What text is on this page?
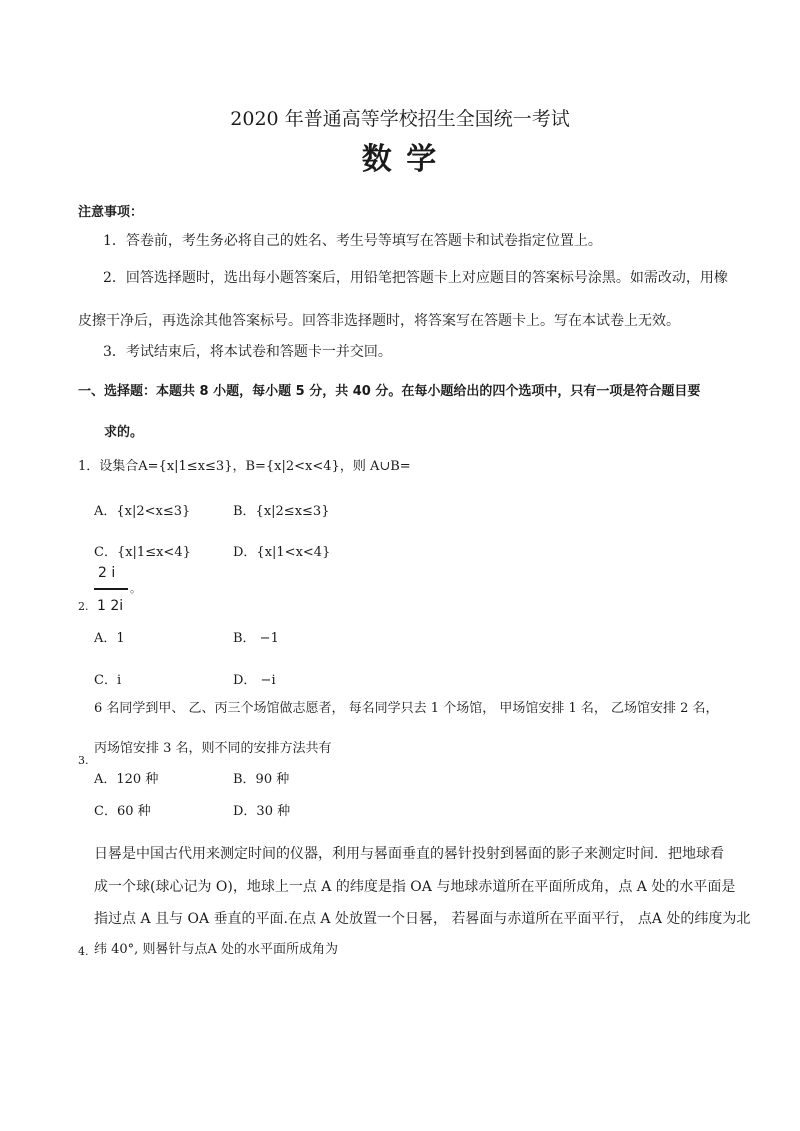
2020 年普通高等学校招生全国统一考试
数 学
注意事项：
1．答卷前，考生务必将自己的姓名、考生号等填写在答题卡和试卷指定位置上。
2．回答选择题时，选出每小题答案后，用铅笔把答题卡上对应题目的答案标号涂黑。如需改动，用橡
皮擦干净后，再选涂其他答案标号。回答非选择题时，将答案写在答题卡上。写在本试卷上无效。
3．考试结束后，将本试卷和答题卡一并交回。
一、选择题：本题共 8 小题，每小题 5 分，共 40 分。在每小题给出的四个选项中，只有一项是符合题目要
求的。
1．设集合A={x|1≤x≤3}，B={x|2<x<4}，则 A∪B=
A．{x|2<x≤3}	B．{x|2≤x≤3}
C．{x|1≤x<4}	D．{x|1<x<4}
2 i
。
2. 1 2i
A．1	B． −1
C．i	D． −i
6 名同学到甲、 乙、丙三个场馆做志愿者， 每名同学只去 1 个场馆， 甲场馆安排 1 名， 乙场馆安排 2 名，
丙场馆安排 3 名，则不同的安排方法共有
3.
A．120 种	B．90 种
C．60 种	D．30 种
日晷是中国古代用来测定时间的仪器，利用与晷面垂直的晷针投射到晷面的影子来测定时间．把地球看
成一个球(球心记为 O)，地球上一点 A 的纬度是指 OA 与地球赤道所在平面所成角，点 A 处的水平面是
指过点 A 且与 OA 垂直的平面.在点 A 处放置一个日晷， 若晷面与赤道所在平面平行， 点A 处的纬度为北
纬 40°, 则晷针与点A 处的水平面所成角为
4.
